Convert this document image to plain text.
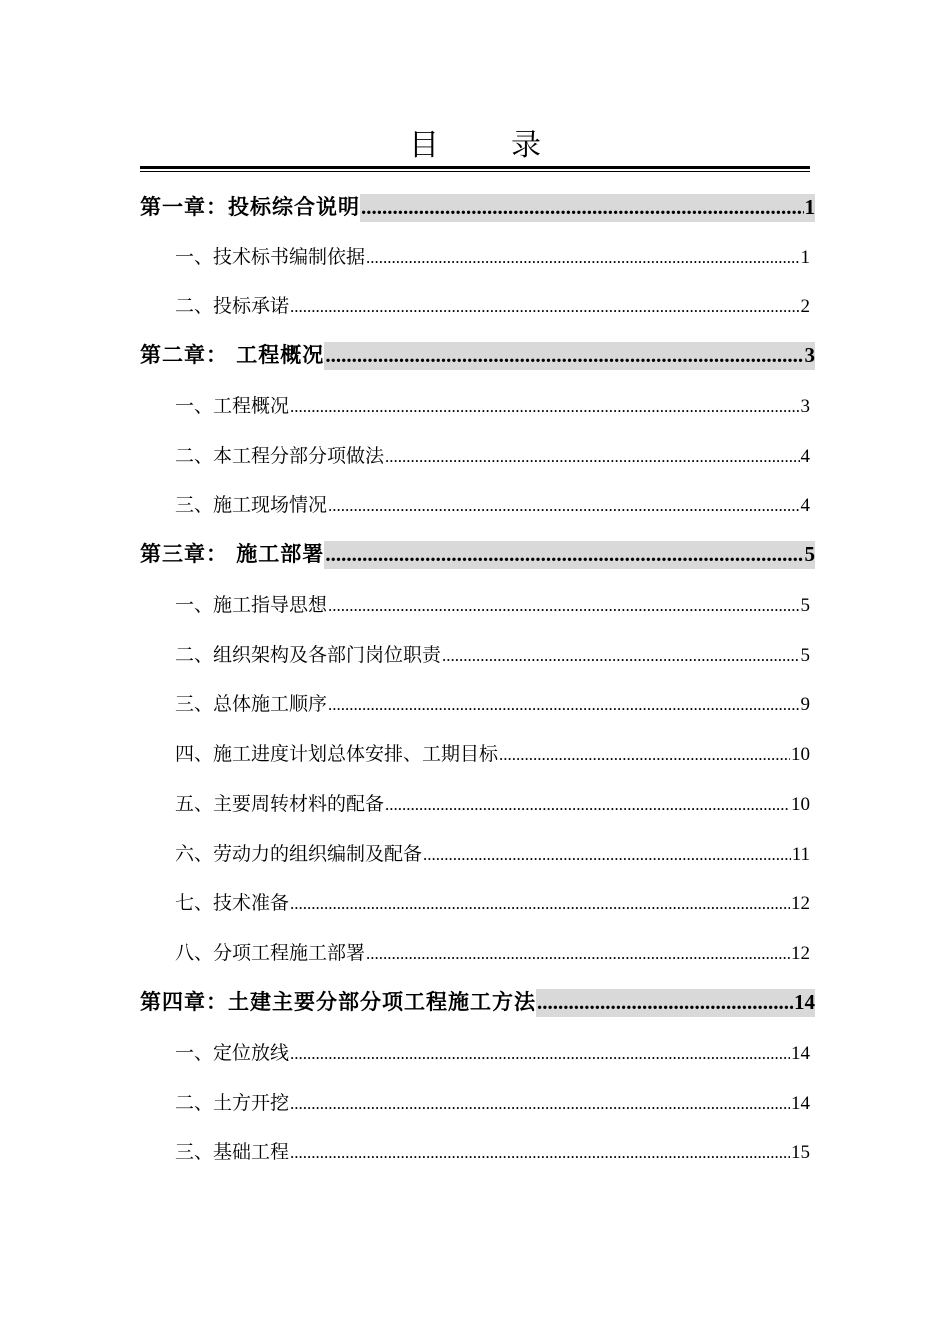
目录
第一章：投标综合说明 .....	1
一、技术标书编制依据 .....	1
二、投标承诺 .....	2
第二章： 工程概况 .....	3
一、工程概况 .....	3
二、本工程分部分项做法 .....	4
三、施工现场情况 .....	4
第三章： 施工部署 .....	5
一、施工指导思想 .....	5
二、组织架构及各部门岗位职责 .....	5
三、总体施工顺序 .....	9
四、施工进度计划总体安排、工期目标 .....	10
五、主要周转材料的配备 .....	10
六、劳动力的组织编制及配备 .....	11
七、技术准备 .....	12
八、分项工程施工部署 .....	12
第四章：土建主要分部分项工程施工方法 .....	14
一、定位放线 .....	14
二、土方开挖 .....	14
三、基础工程 .....	15
